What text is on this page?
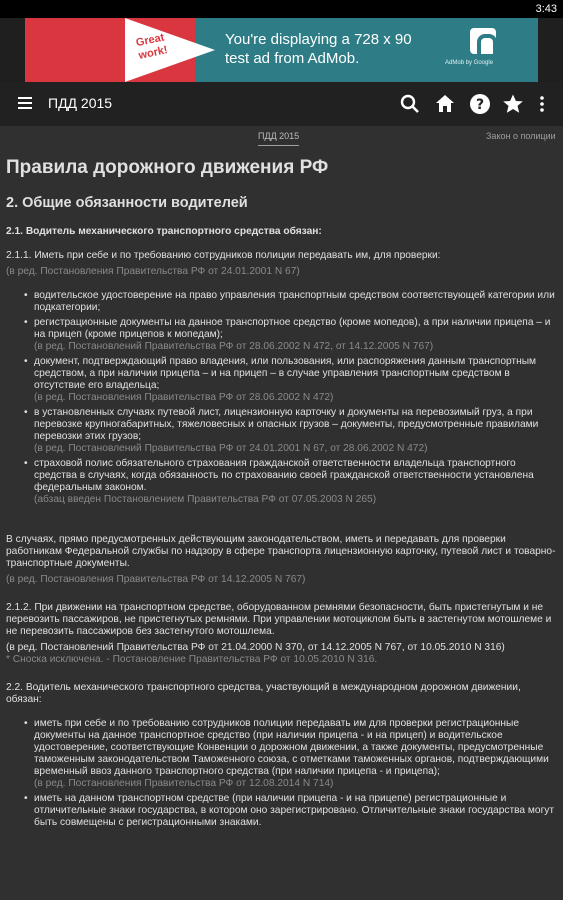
3:43
Great work!
You're displaying a 728 x 90 test ad from AdMob.	AdMob by Google
ПДД 2015	?
ПДД 2015	Закон о полиции
Правила дорожного движения РФ
2. Общие обязанности водителей
2.1. Водитель механического транспортного средства обязан:
2.1.1. Иметь при себе и по требованию сотрудников полиции передавать им, для проверки:
(в ред. Постановления Правительства РФ от 24.01.2001 N 67)
• водительское удостоверение на право управления транспортным средством соответствующей категории или подкатегории;
• регистрационные документы на данное транспортное средство (кроме мопедов), а при наличии прицепа – и на прицеп (кроме прицепов к мопедам);
(в ред. Постановлений Правительства РФ от 28.06.2002 N 472, от 14.12.2005 N 767)
• документ, подтверждающий право владения, или пользования, или распоряжения данным транспортным средством, а при наличии прицепа – и на прицеп – в случае управления транспортным средством в отсутствие его владельца;
(в ред. Постановления Правительства РФ от 28.06.2002 N 472)
• в установленных случаях путевой лист, лицензионную карточку и документы на перевозимый груз, а при перевозке крупногабаритных, тяжеловесных и опасных грузов – документы, предусмотренные правилами перевозки этих грузов;
(в ред. Постановлений Правительства РФ от 24.01.2001 N 67, от 28.06.2002 N 472)
• страховой полис обязательного страхования гражданской ответственности владельца транспортного средства в случаях, когда обязанность по страхованию своей гражданской ответственности установлена федеральным законом.
(абзац введен Постановлением Правительства РФ от 07.05.2003 N 265)
В случаях, прямо предусмотренных действующим законодательством, иметь и передавать для проверки работникам Федеральной службы по надзору в сфере транспорта лицензионную карточку, путевой лист и товарно-транспортные документы.
(в ред. Постановления Правительства РФ от 14.12.2005 N 767)
2.1.2. При движении на транспортном средстве, оборудованном ремнями безопасности, быть пристегнутым и не перевозить пассажиров, не пристегнутых ремнями. При управлении мотоциклом быть в застегнутом мотошлеме и не перевозить пассажиров без застегнутого мотошлема.
(в ред. Постановлений Правительства РФ от 21.04.2000 N 370, от 14.12.2005 N 767, от 10.05.2010 N 316)
* Сноска исключена. - Постановление Правительства РФ от 10.05.2010 N 316.
2.2. Водитель механического транспортного средства, участвующий в международном дорожном движении, обязан:
• иметь при себе и по требованию сотрудников полиции передавать им для проверки регистрационные документы на данное транспортное средство (при наличии прицепа - и на прицеп) и водительское удостоверение, соответствующие Конвенции о дорожном движении, а также документы, предусмотренные таможенным законодательством Таможенного союза, с отметками таможенных органов, подтверждающими временный ввоз данного транспортного средства (при наличии прицепа - и прицепа);
(в ред. Постановления Правительства РФ от 12.08.2014 N 714)
• иметь на данном транспортном средстве (при наличии прицепа - и на прицепе) регистрационные и отличительные знаки государства, в котором оно зарегистрировано. Отличительные знаки государства могут быть совмещены с регистрационными знаками.
